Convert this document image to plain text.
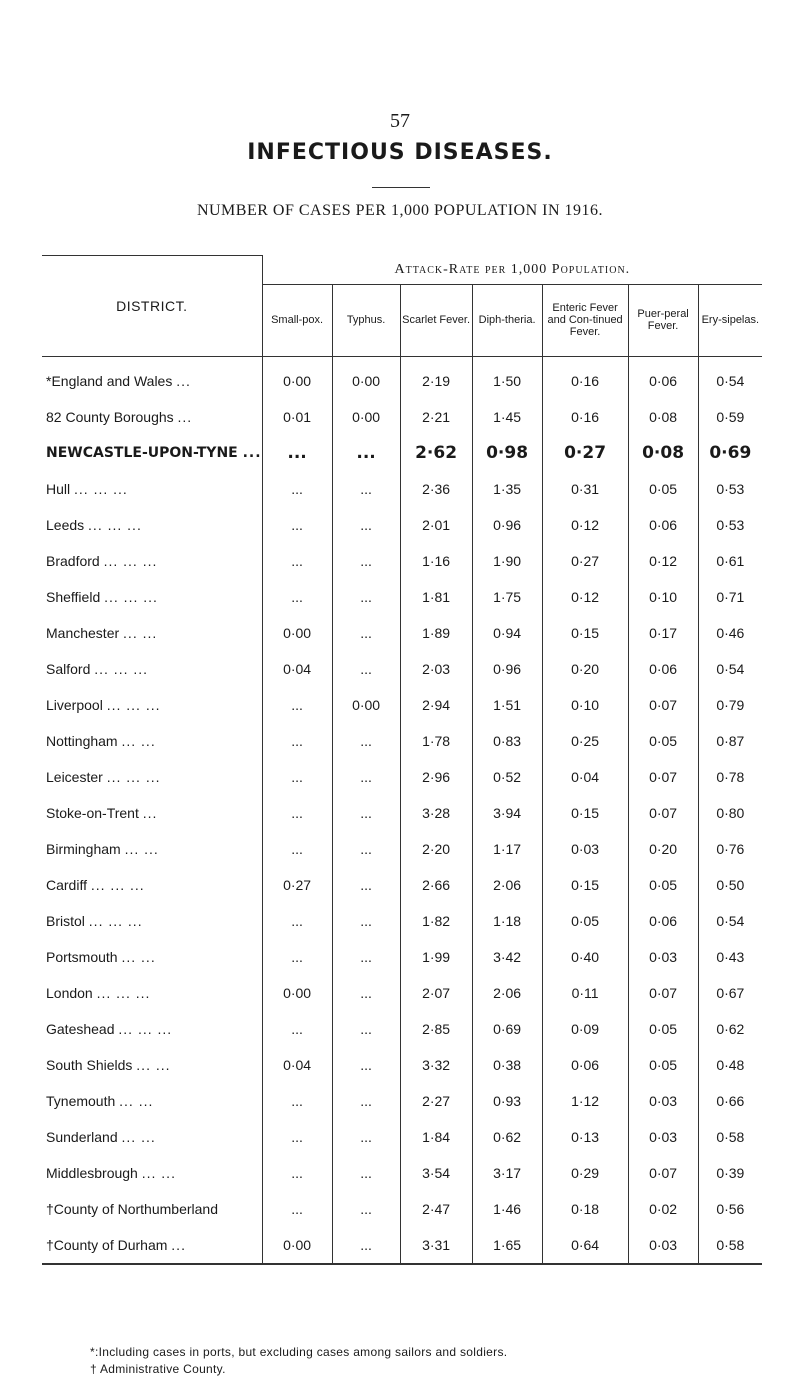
57
INFECTIOUS DISEASES.
NUMBER OF CASES PER 1,000 POPULATION IN 1916.
DISTRICT.	Attack-Rate per 1,000 Population.						
	Small-pox.	Typhus.	Scarlet Fever.	Diph-theria.	Enteric Fever and Con-tinued Fever.	Puer-peral Fever.	Ery-sipelas.
*England and Wales ...	0·00	0·00	2·19	1·50	0·16	0·06	0·54
82 County Boroughs ...	0·01	0·00	2·21	1·45	0·16	0·08	0·59
NEWCASTLE-UPON-TYNE ...	...	...	2·62	0·98	0·27	0·08	0·69
Hull ... ... ...	...	...	2·36	1·35	0·31	0·05	0·53
Leeds ... ... ...	...	...	2·01	0·96	0·12	0·06	0·53
Bradford ... ... ...	...	...	1·16	1·90	0·27	0·12	0·61
Sheffield ... ... ...	...	...	1·81	1·75	0·12	0·10	0·71
Manchester ... ...	0·00	...	1·89	0·94	0·15	0·17	0·46
Salford ... ... ...	0·04	...	2·03	0·96	0·20	0·06	0·54
Liverpool ... ... ...	...	0·00	2·94	1·51	0·10	0·07	0·79
Nottingham ... ...	...	...	1·78	0·83	0·25	0·05	0·87
Leicester ... ... ...	...	...	2·96	0·52	0·04	0·07	0·78
Stoke-on-Trent ...	...	...	3·28	3·94	0·15	0·07	0·80
Birmingham ... ...	...	...	2·20	1·17	0·03	0·20	0·76
Cardiff ... ... ...	0·27	...	2·66	2·06	0·15	0·05	0·50
Bristol ... ... ...	...	...	1·82	1·18	0·05	0·06	0·54
Portsmouth ... ...	...	...	1·99	3·42	0·40	0·03	0·43
London ... ... ...	0·00	...	2·07	2·06	0·11	0·07	0·67
Gateshead ... ... ...	...	...	2·85	0·69	0·09	0·05	0·62
South Shields ... ...	0·04	...	3·32	0·38	0·06	0·05	0·48
Tynemouth ... ...	...	...	2·27	0·93	1·12	0·03	0·66
Sunderland ... ...	...	...	1·84	0·62	0·13	0·03	0·58
Middlesbrough ... ...	...	...	3·54	3·17	0·29	0·07	0·39
†County of Northumberland	...	...	2·47	1·46	0·18	0·02	0·56
†County of Durham ...	0·00	...	3·31	1·65	0·64	0·03	0·58
*:Including cases in ports, but excluding cases among sailors and soldiers.
† Administrative County.
